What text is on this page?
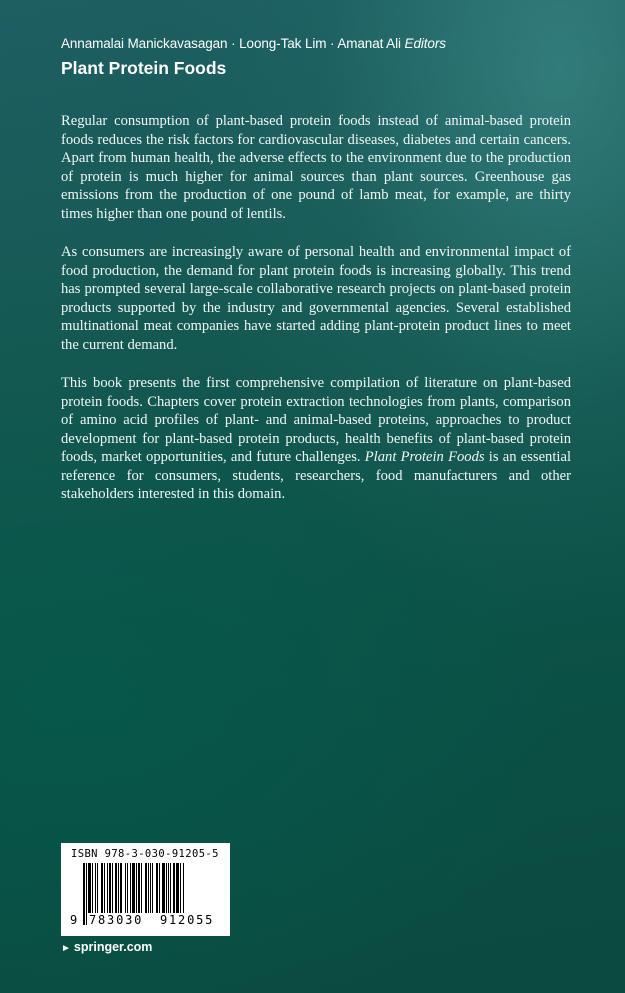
Annamalai Manickavasagan · Loong-Tak Lim · Amanat Ali Editors
Plant Protein Foods

Regular consumption of plant-based protein foods instead of animal-based protein foods reduces the risk factors for cardiovascular diseases, diabetes and certain cancers. Apart from human health, the adverse effects to the environment due to the production of protein is much higher for animal sources than plant sources. Greenhouse gas emissions from the production of one pound of lamb meat, for example, are thirty times higher than one pound of lentils.

As consumers are increasingly aware of personal health and environmental impact of food production, the demand for plant protein foods is increasing globally. This trend has prompted several large-scale collaborative research projects on plant-based protein products supported by the industry and governmental agencies. Several established multinational meat companies have started adding plant-protein product lines to meet the current demand.

This book presents the first comprehensive compilation of literature on plant-based protein foods. Chapters cover protein extraction technologies from plants, comparison of amino acid profiles of plant- and animal-based proteins, approaches to product development for plant-based protein products, health benefits of plant-based protein foods, market opportunities, and future challenges. Plant Protein Foods is an essential reference for consumers, students, researchers, food manufacturers and other stakeholders interested in this domain.

ISBN 978-3-030-91205-5
9 783030 912055
► springer.com
